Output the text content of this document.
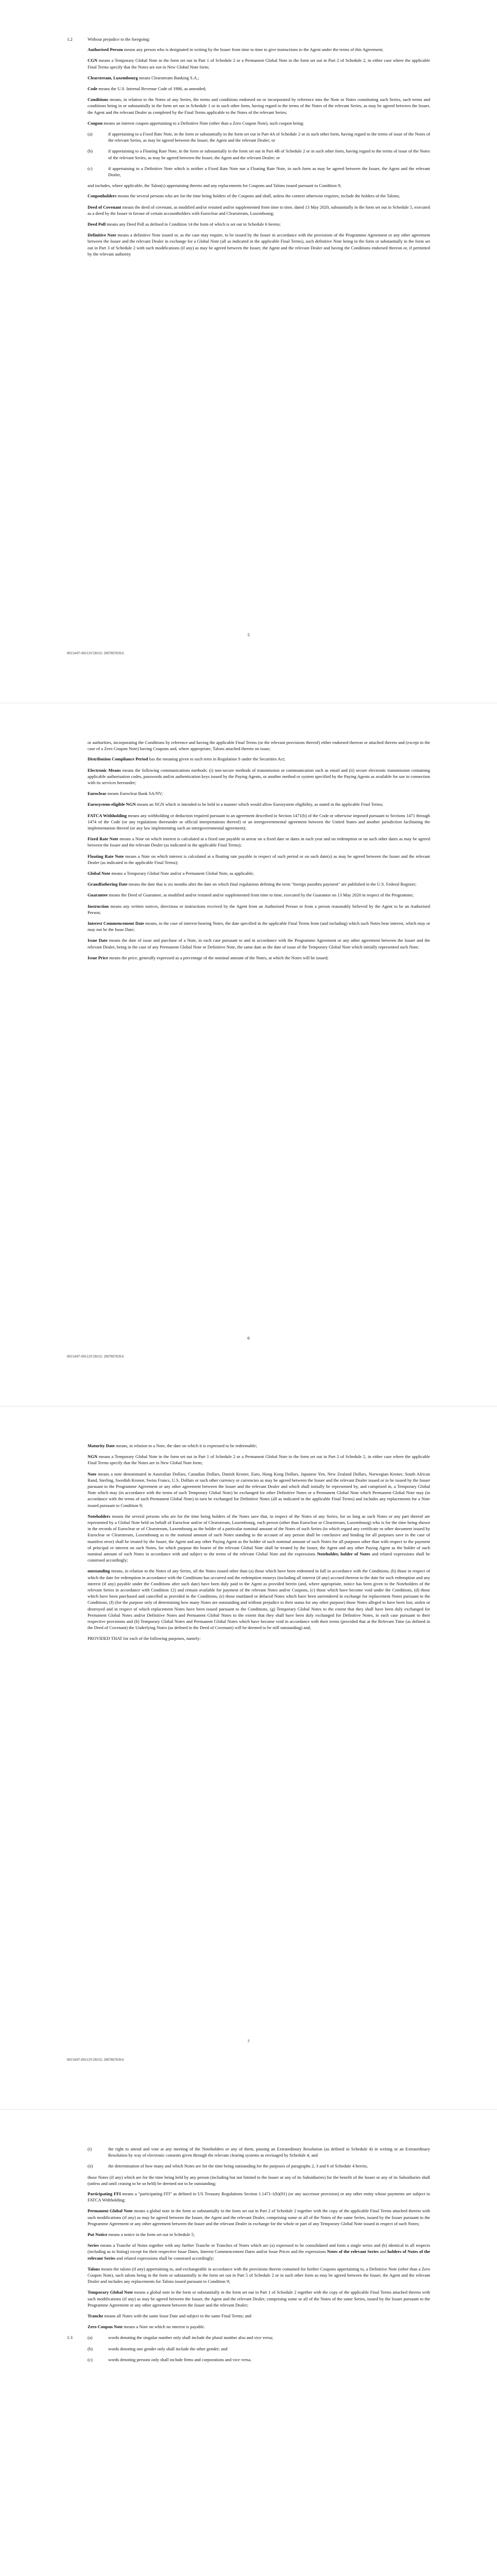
1.2	Without prejudice to the foregoing:

Authorised Person means any person who is designated in writing by the Issuer from time to time to give instructions to the Agent under the terms of this Agreement;

CGN means a Temporary Global Note in the form set out in Part 1 of Schedule 2 or a Permanent Global Note in the form set out in Part 2 of Schedule 2, in either case where the applicable Final Terms specify that the Notes are not in New Global Note form;

Clearstream, Luxembourg means Clearstream Banking S.A.;

Code means the U.S. Internal Revenue Code of 1986, as amended;

Conditions means, in relation to the Notes of any Series, the terms and conditions endorsed on or incorporated by reference into the Note or Notes constituting such Series, such terms and conditions being in or substantially in the form set out in Schedule 1 or in such other form, having regard to the terms of the Notes of the relevant Series, as may be agreed between the Issuer, the Agent and the relevant Dealer as completed by the Final Terms applicable to the Notes of the relevant Series;

Coupon means an interest coupon appertaining to a Definitive Note (other than a Zero Coupon Note), such coupon being:

(a)	if appertaining to a Fixed Rate Note, in the form or substantially in the form set out in Part 4A of Schedule 2 or in such other form, having regard to the terms of issue of the Notes of the relevant Series, as may be agreed between the Issuer, the Agent and the relevant Dealer; or
(b)	if appertaining to a Floating Rate Note, in the form or substantially in the form set out in Part 4B of Schedule 2 or in such other form, having regard to the terms of issue of the Notes of the relevant Series, as may be agreed between the Issuer, the Agent and the relevant Dealer; or
(c)	if appertaining to a Definitive Note which is neither a Fixed Rate Note nor a Floating Rate Note, in such form as may be agreed between the Issuer, the Agent and the relevant Dealer,

and includes, where applicable, the Talon(s) appertaining thereto and any replacements for Coupons and Talons issued pursuant to Condition 9;

Couponholders means the several persons who are for the time being holders of the Coupons and shall, unless the context otherwise requires, include the holders of the Talons;

Deed of Covenant means the deed of covenant, as modified and/or restated and/or supplemented from time to time, dated 13 May 2020, substantially in the form set out in Schedule 5, executed as a deed by the Issuer in favour of certain accountholders with Euroclear and Clearstream, Luxembourg;

Deed Poll means any Deed Poll as defined in Condition 14 the form of which is set out in Schedule 6 hereto;

Definitive Note means a definitive Note issued or, as the case may require, to be issued by the Issuer in accordance with the provisions of the Programme Agreement or any other agreement between the Issuer and the relevant Dealer in exchange for a Global Note (all as indicated in the applicable Final Terms), such definitive Note being in the form or substantially in the form set out in Part 3 of Schedule 2 with such modifications (if any) as may be agreed between the Issuer, the Agent and the relevant Dealer and having the Conditions endorsed thereon or, if permitted by the relevant authority

5
00154/07-001129 UKO2: 2007867839.6

or authorities, incorporating the Conditions by reference and having the applicable Final Terms (or the relevant provisions thereof) either endorsed thereon or attached thereto and (except in the case of a Zero Coupon Note) having Coupons and, where appropriate, Talons attached thereto on issue;

Distribution Compliance Period has the meaning given to such term in Regulation S under the Securities Act;

Electronic Means means the following communications methods: (i) non-secure methods of transmission or communication such as email and (ii) secure electronic transmission containing applicable authorisation codes, passwords and/or authentication keys issued by the Paying Agents, or another method or system specified by the Paying Agents as available for use in connection with its services hereunder;

Euroclear means Euroclear Bank SA/NV;

Eurosystem-eligible NGN means an NGN which is intended to be held in a manner which would allow Eurosystem eligibility, as stated in the applicable Final Terms;

FATCA Withholding means any withholding or deduction required pursuant to an agreement described in Section 1471(b) of the Code or otherwise imposed pursuant to Sections 1471 through 1474 of the Code (or any regulations thereunder or official interpretations thereof) or an intergovernmental agreement between the United States and another jurisdiction facilitating the implementation thereof (or any law implementing such an intergovernmental agreement);

Fixed Rate Note means a Note on which interest is calculated at a fixed rate payable in arrear on a fixed date or dates in each year and on redemption or on such other dates as may be agreed between the Issuer and the relevant Dealer (as indicated in the applicable Final Terms);

Floating Rate Note means a Note on which interest is calculated at a floating rate payable in respect of such period or on such date(s) as may be agreed between the Issuer and the relevant Dealer (as indicated in the applicable Final Terms);

Global Note means a Temporary Global Note and/or a Permanent Global Note, as applicable;

Grandfathering Date means the date that is six months after the date on which final regulations defining the term "foreign passthru payment" are published in the U.S. Federal Register;

Guarantee means the Deed of Guarantee, as modified and/or restated and/or supplemented from time to time, executed by the Guarantor on 13 May 2020 in respect of the Programme;

Instruction means any written notices, directions or instructions received by the Agent from an Authorised Person or from a person reasonably believed by the Agent to be an Authorised Person;

Interest Commencement Date means, in the case of interest-bearing Notes, the date specified in the applicable Final Terms from (and including) which such Notes bear interest, which may or may not be the Issue Date;

Issue Date means the date of issue and purchase of a Note, in each case pursuant to and in accordance with the Programme Agreement or any other agreement between the Issuer and the relevant Dealer, being in the case of any Permanent Global Note or Definitive Note, the same date as the date of issue of the Temporary Global Note which initially represented such Note;

Issue Price means the price, generally expressed as a percentage of the nominal amount of the Notes, at which the Notes will be issued;

6
00154/07-001129 UKO2: 2007867839.6

Maturity Date means, in relation to a Note, the date on which it is expressed to be redeemable;

NGN means a Temporary Global Note in the form set out in Part 1 of Schedule 2 or a Permanent Global Note in the form set out in Part 2 of Schedule 2, in either case where the applicable Final Terms specify that the Notes are in New Global Note form;

Note means a note denominated in Australian Dollars, Canadian Dollars, Danish Kroner, Euro, Hong Kong Dollars, Japanese Yen, New Zealand Dollars, Norwegian Kroner, South African Rand, Sterling, Swedish Kronor, Swiss Francs, U.S. Dollars or such other currency or currencies as may be agreed between the Issuer and the relevant Dealer issued or to be issued by the Issuer pursuant to the Programme Agreement or any other agreement between the Issuer and the relevant Dealer and which shall initially be represented by, and comprised in, a Temporary Global Note which may (in accordance with the terms of such Temporary Global Note) be exchanged for other Definitive Notes or a Permanent Global Note which Permanent Global Note may (in accordance with the terms of such Permanent Global Note) in turn be exchanged for Definitive Notes (all as indicated in the applicable Final Terms) and includes any replacements for a Note issued pursuant to Condition 9;

Noteholders means the several persons who are for the time being holders of the Notes save that, in respect of the Notes of any Series, for so long as such Notes or any part thereof are represented by a Global Note held on behalf of Euroclear and/or of Clearstream, Luxembourg, each person (other than Euroclear or Clearstream, Luxembourg) who is for the time being shown in the records of Euroclear or of Clearstream, Luxembourg as the holder of a particular nominal amount of the Notes of such Series (in which regard any certificate or other document issued by Euroclear or Clearstream, Luxembourg as to the nominal amount of such Notes standing to the account of any person shall be conclusive and binding for all purposes save in the case of manifest error) shall be treated by the Issuer, the Agent and any other Paying Agent as the holder of such nominal amount of such Notes for all purposes other than with respect to the payment of principal or interest on such Notes, for which purpose the bearer of the relevant Global Note shall be treated by the Issuer, the Agent and any other Paying Agent as the holder of such nominal amount of such Notes in accordance with and subject to the terms of the relevant Global Note and the expressions Noteholder, holder of Notes and related expressions shall be construed accordingly;

outstanding means, in relation to the Notes of any Series, all the Notes issued other than (a) those which have been redeemed in full in accordance with the Conditions, (b) those in respect of which the date for redemption in accordance with the Conditions has occurred and the redemption moneys (including all interest (if any) accrued thereon to the date for such redemption and any interest (if any) payable under the Conditions after such date) have been duly paid to the Agent as provided herein (and, where appropriate, notice has been given to the Noteholders of the relevant Series in accordance with Condition 12) and remain available for payment of the relevant Notes and/or Coupons, (c) those which have become void under the Conditions, (d) those which have been purchased and cancelled as provided in the Conditions, (e) those mutilated or defaced Notes which have been surrendered in exchange for replacement Notes pursuant to the Conditions, (f) (for the purpose only of determining how many Notes are outstanding and without prejudice to their status for any other purpose) those Notes alleged to have been lost, stolen or destroyed and in respect of which replacement Notes have been issued pursuant to the Conditions, (g) Temporary Global Notes to the extent that they shall have been duly exchanged for Permanent Global Notes and/or Definitive Notes and Permanent Global Notes to the extent that they shall have been duly exchanged for Definitive Notes, in each case pursuant to their respective provisions and (h) Temporary Global Notes and Permanent Global Notes which have become void in accordance with their terms (provided that at the Relevant Time (as defined in the Deed of Covenant) the Underlying Notes (as defined in the Deed of Covenant) will be deemed to be still outstanding) and,

PROVIDED THAT for each of the following purposes, namely:

7
00154/07-001129 UKO2: 2007867839.6
(i)	the right to attend and vote at any meeting of the Noteholders or any of them, passing an Extraordinary Resolution (as defined in Schedule 4) in writing or an Extraordinary Resolution by way of electronic consents given through the relevant clearing systems as envisaged by Schedule 4; and
(ii)	the determination of how many and which Notes are for the time being outstanding for the purposes of paragraphs 2, 3 and 6 of Schedule 4 hereto,

those Notes (if any) which are for the time being held by any person (including but not limited to the Issuer or any of its Subsidiaries) for the benefit of the Issuer or any of its Subsidiaries shall (unless and until ceasing to be so held) be deemed not to be outstanding;

Participating FFI means a "participating FFI" as defined in US Treasury Regulations Section 1.1471-1(b)(91) (or any successor provision) or any other entity whose payments are subject to FATCA Withholding;

Permanent Global Note means a global note in the form or substantially in the form set out in Part 2 of Schedule 2 together with the copy of the applicable Final Terms attached thereto with such modifications (if any) as may be agreed between the Issuer, the Agent and the relevant Dealer, comprising some or all of the Notes of the same Series, issued by the Issuer pursuant to the Programme Agreement or any other agreement between the Issuer and the relevant Dealer in exchange for the whole or part of any Temporary Global Note issued in respect of such Notes;

Put Notice means a notice in the form set out in Schedule 5;

Series means a Tranche of Notes together with any further Tranche or Tranches of Notes which are (a) expressed to be consolidated and form a single series and (b) identical in all respects (including as to listing) except for their respective Issue Dates, Interest Commencement Dates and/or Issue Prices and the expressions Notes of the relevant Series and holders of Notes of the relevant Series and related expressions shall be construed accordingly;

Talons means the talons (if any) appertaining to, and exchangeable in accordance with the provisions therein contained for further Coupons appertaining to, a Definitive Note (other than a Zero Coupon Note), such talons being in the form or substantially in the form set out in Part 5 of Schedule 2 or in such other form as may be agreed between the Issuer, the Agent and the relevant Dealer and includes any replacements for Talons issued pursuant to Condition 9;

Temporary Global Note means a global note in the form or substantially in the form set out in Part 1 of Schedule 2 together with the copy of the applicable Final Terms attached thereto with such modifications (if any) as may be agreed between the Issuer, the Agent and the relevant Dealer, comprising some or all of the Notes of the same Series, issued by the Issuer pursuant to the Programme Agreement or any other agreement between the Issuer and the relevant Dealer;

Tranche means all Notes with the same Issue Date and subject to the same Final Terms; and

Zero Coupon Note means a Note on which no interest is payable.

1.3	(a)	words denoting the singular number only shall include the plural number also and vice versa;
(b)	words denoting one gender only shall include the other gender; and
(c)	words denoting persons only shall include firms and corporations and vice versa.
